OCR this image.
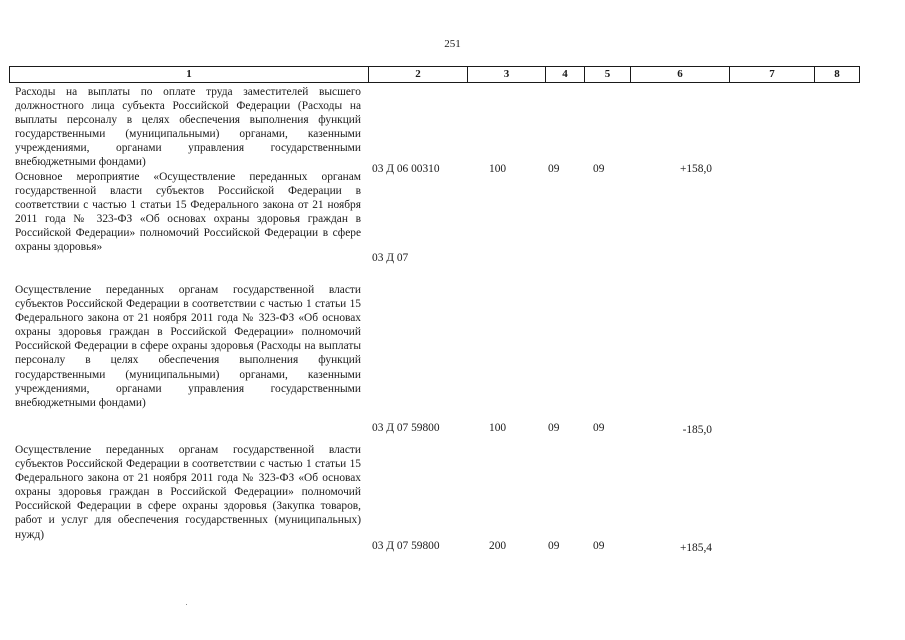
251
1	2	3	4	5	6	7	8
Расходы на выплаты по оплате труда заместителей высшего должностного лица субъекта Российской Федерации (Расходы на выплаты персоналу в целях обеспечения выполнения функций государственными (муниципальными) органами, казенными учреждениями, органами управления государственными внебюджетными фондами)
03 Д 06 00310	100	09	09	+158,0
Основное мероприятие «Осуществление переданных органам государственной власти субъектов Российской Федерации в соответствии с частью 1 статьи 15 Федерального закона от 21 ноября 2011 года № 323-ФЗ «Об основах охраны здоровья граждан в Российской Федерации» полномочий Российской Федерации в сфере охраны здоровья»
03 Д 07
Осуществление переданных органам государственной власти субъектов Российской Федерации в соответствии с частью 1 статьи 15 Федерального закона от 21 ноября 2011 года № 323-ФЗ «Об основах охраны здоровья граждан в Российской Федерации» полномочий Российской Федерации в сфере охраны здоровья (Расходы на выплаты персоналу в целях обеспечения выполнения функций государственными (муниципальными) органами, казенными учреждениями, органами управления государственными внебюджетными фондами)
03 Д 07 59800	100	09	09	-185,0
Осуществление переданных органам государственной власти субъектов Российской Федерации в соответствии с частью 1 статьи 15 Федерального закона от 21 ноября 2011 года № 323-ФЗ «Об основах охраны здоровья граждан в Российской Федерации» полномочий Российской Федерации в сфере охраны здоровья (Закупка товаров, работ и услуг для обеспечения государственных (муниципальных) нужд)
03 Д 07 59800	200	09	09	+185,4
